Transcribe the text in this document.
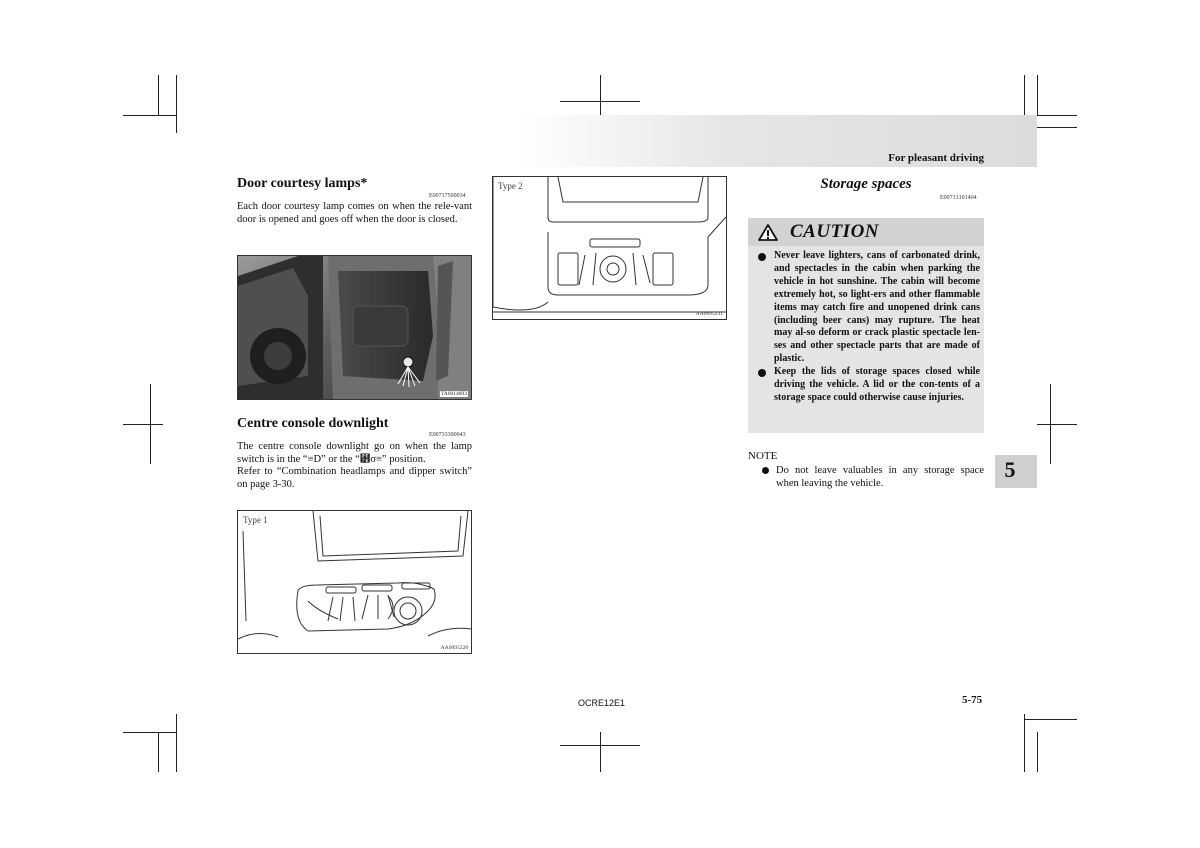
For pleasant driving
Door courtesy lamps*
E00717500034

Each door courtesy lamp comes on when the rele-vant door is opened and goes off when the door is closed.

TA0014893
Centre console downlight
E00733300043

The centre console downlight go on when the lamp switch is in the “≡D” or the “⹾σ≡” position.

Refer to “Combination headlamps and dipper switch” on page 3-30.

Type 1
AA0095228
Type 2
AA0095231
Storage spaces
E00713101404
CAUTION
Never leave lighters, cans of carbonated drink, and spectacles in the cabin when parking the vehicle in hot sunshine. The cabin will become extremely hot, so light-ers and other flammable items may catch fire and unopened drink cans (including beer cans) may rupture. The heat may al-so deform or crack plastic spectacle len-ses and other spectacle parts that are made of plastic.
Keep the lids of storage spaces closed while driving the vehicle. A lid or the con-tents of a storage space could otherwise cause injuries.
NOTE
Do not leave valuables in any storage space when leaving the vehicle.
5
OCRE12E1	5-75
